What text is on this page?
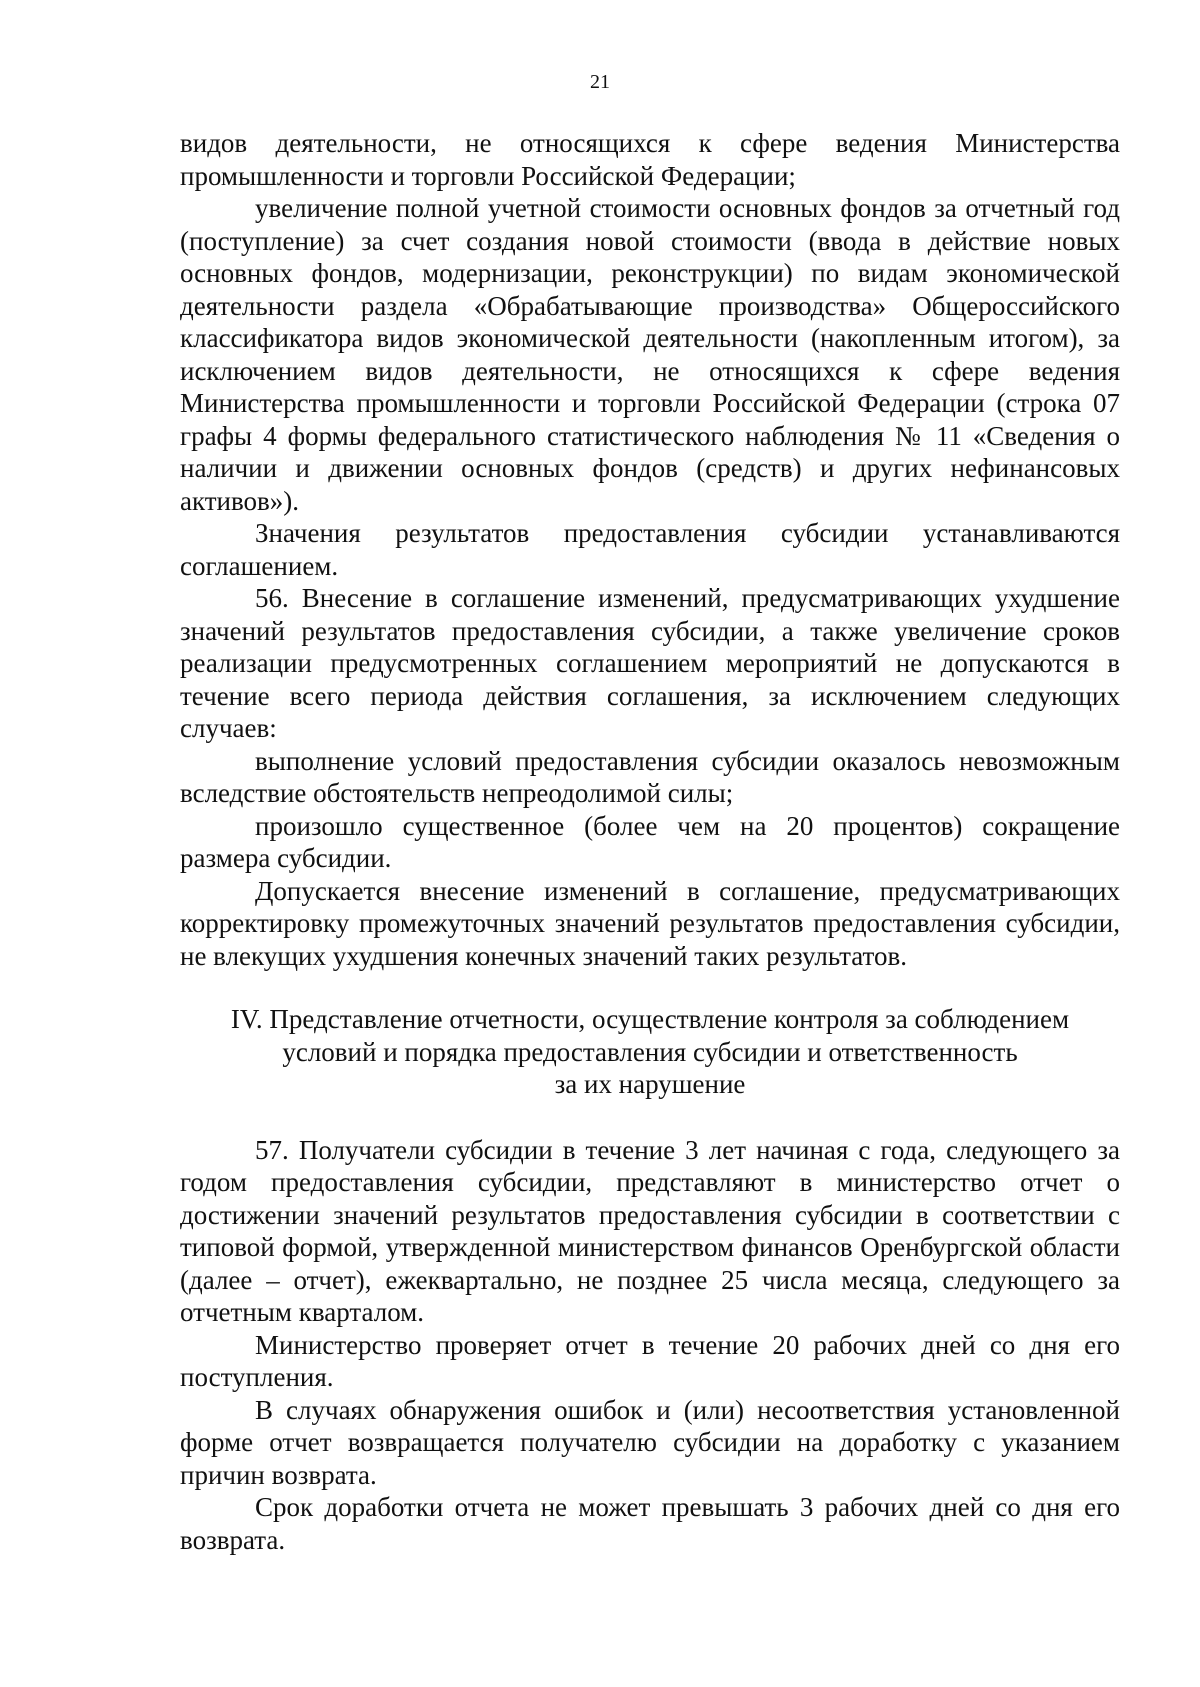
21

видов деятельности, не относящихся к сфере ведения Министерства промышленности и торговли Российской Федерации;

увеличение полной учетной стоимости основных фондов за отчетный год (поступление) за счет создания новой стоимости (ввода в действие новых основных фондов, модернизации, реконструкции) по видам экономической деятельности раздела «Обрабатывающие производства» Общероссийского классификатора видов экономической деятельности (накопленным итогом), за исключением видов деятельности, не относящихся к сфере ведения Министерства промышленности и торговли Российской Федерации (строка 07 графы 4 формы федерального статистического наблюдения № 11 «Сведения о наличии и движении основных фондов (средств) и других нефинансовых активов»).

Значения результатов предоставления субсидии устанавливаются соглашением.

56. Внесение в соглашение изменений, предусматривающих ухудшение значений результатов предоставления субсидии, а также увеличение сроков реализации предусмотренных соглашением мероприятий не допускаются в течение всего периода действия соглашения, за исключением следующих случаев:

выполнение условий предоставления субсидии оказалось невозможным вследствие обстоятельств непреодолимой силы;

произошло существенное (более чем на 20 процентов) сокращение размера субсидии.

Допускается внесение изменений в соглашение, предусматривающих корректировку промежуточных значений результатов предоставления субсидии, не влекущих ухудшения конечных значений таких результатов.

IV. Представление отчетности, осуществление контроля за соблюдением
условий и порядка предоставления субсидии и ответственность
за их нарушение

57. Получатели субсидии в течение 3 лет начиная с года, следующего за годом предоставления субсидии, представляют в министерство отчет о достижении значений результатов предоставления субсидии в соответствии с типовой формой, утвержденной министерством финансов Оренбургской области (далее – отчет), ежеквартально, не позднее 25 числа месяца, следующего за отчетным кварталом.

Министерство проверяет отчет в течение 20 рабочих дней со дня его поступления.

В случаях обнаружения ошибок и (или) несоответствия установленной форме отчет возвращается получателю субсидии на доработку с указанием причин возврата.

Срок доработки отчета не может превышать 3 рабочих дней со дня его возврата.
